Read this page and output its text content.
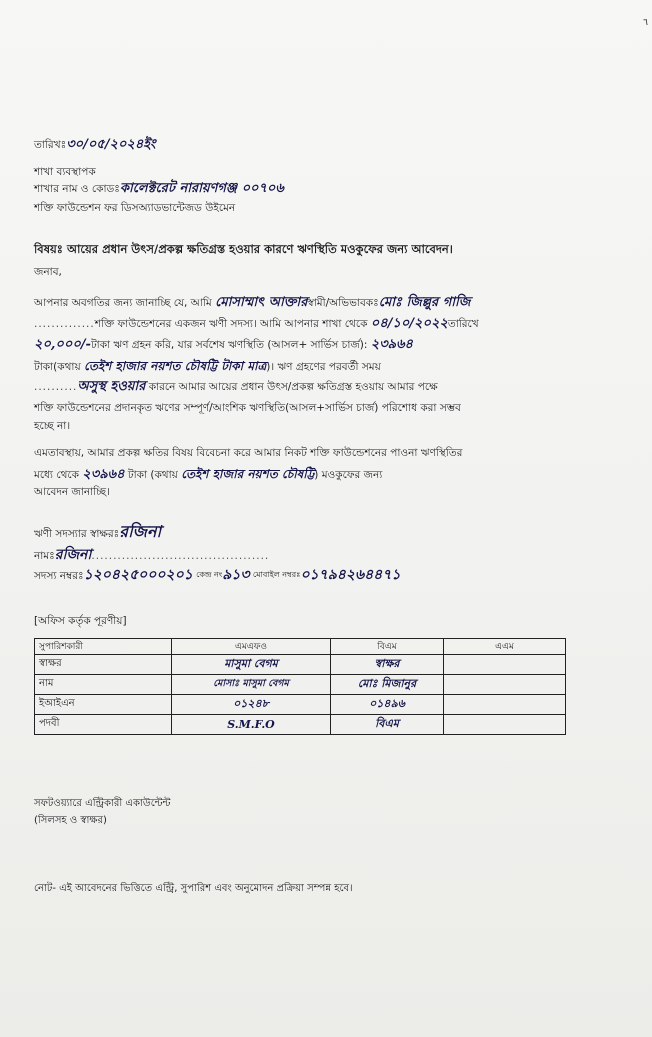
٦
তারিখঃ৩০/০৫/২০২৪ইং
শাখা ব্যবস্থাপক
শাখার নাম ও কোডঃকালেক্টরেট নারায়ণগঞ্জ ০০৭০৬
শক্তি ফাউন্ডেশন ফর ডিসঅ্যাডভান্টেজড উইমেন
বিষয়ঃ আয়ের প্রধান উৎস/প্রকল্প ক্ষতিগ্রস্ত হওয়ার কারণে ঋণস্থিতি মওকুফের জন্য আবেদন।
জনাব,
আপনার অবগতির জন্য জানাচ্ছি যে, আমি মোসাম্মাৎ আক্তারস্বামী/অভিভাবকঃমোঃ জিল্লুর গাজি
..............শক্তি ফাউন্ডেশনের একজন ঋণী সদস্য। আমি আপনার শাখা থেকে ০৪/১০/২০২২তারিখে
২০,০০০/-টাকা ঋণ গ্রহন করি, যার সর্বশেষ ঋণস্থিতি (আসল+ সার্ভিস চার্জ): ২৩৯৬৪
টাকা(কথায় তেইশ হাজার নয়শত চৌষট্টি টাকা মাত্র)। ঋণ গ্রহণের পরবর্তী সময়
..........অসুস্থ হওয়ার কারনে আমার আয়ের প্রধান উৎস/প্রকল্প ক্ষতিগ্রস্ত হওয়ায় আমার পক্ষে
শক্তি ফাউন্ডেশনের প্রদানকৃত ঋণের সম্পূর্ণ/আংশিক ঋণস্থিতি(আসল+সার্ভিস চার্জ) পরিশোধ করা সম্ভব
হচ্ছে না।
এমতাবস্থায়, আমার প্রকল্প ক্ষতির বিষয় বিবেচনা করে আমার নিকট শক্তি ফাউন্ডেশনের পাওনা ঋণস্থিতির
মধ্যে থেকে ২৩৯৬৪ টাকা (কথায় তেইশ হাজার নয়শত চৌষট্টি) মওকুফের জন্য
আবেদন জানাচ্ছি।
ঋণী সদস্যার স্বাক্ষরঃরজিনা
নামঃরজিনা.........................................
সদস্য নম্বরঃ১২০৪২৫০০০২০১ $^{কেন্দ্র নং}$৯১৩ $^{মোবাইল নম্বরঃ}$০১৭৯৪২৬৪৪৭১
[অফিস কর্তৃক পূরণীয়]
সুপারিশকারী	এমএফও	বিএম	এএম
স্বাক্ষর	মাসুমা বেগম	স্বাক্ষর	
নাম	মোসাঃ মাসুমা বেগম	মোঃ মিজানুর	
ইআইএন	০১২৪৮	০১৪৯৬	
পদবী	S.M.F.O	বিএম	
সফটওয়্যারে এন্ট্রিকারী একাউন্টেন্ট
(সিলসহ ও স্বাক্ষর)
নোট- এই আবেদনের ভিত্তিতে এন্ট্রি, সুপারিশ এবং অনুমোদন প্রক্রিয়া সম্পন্ন হবে।
